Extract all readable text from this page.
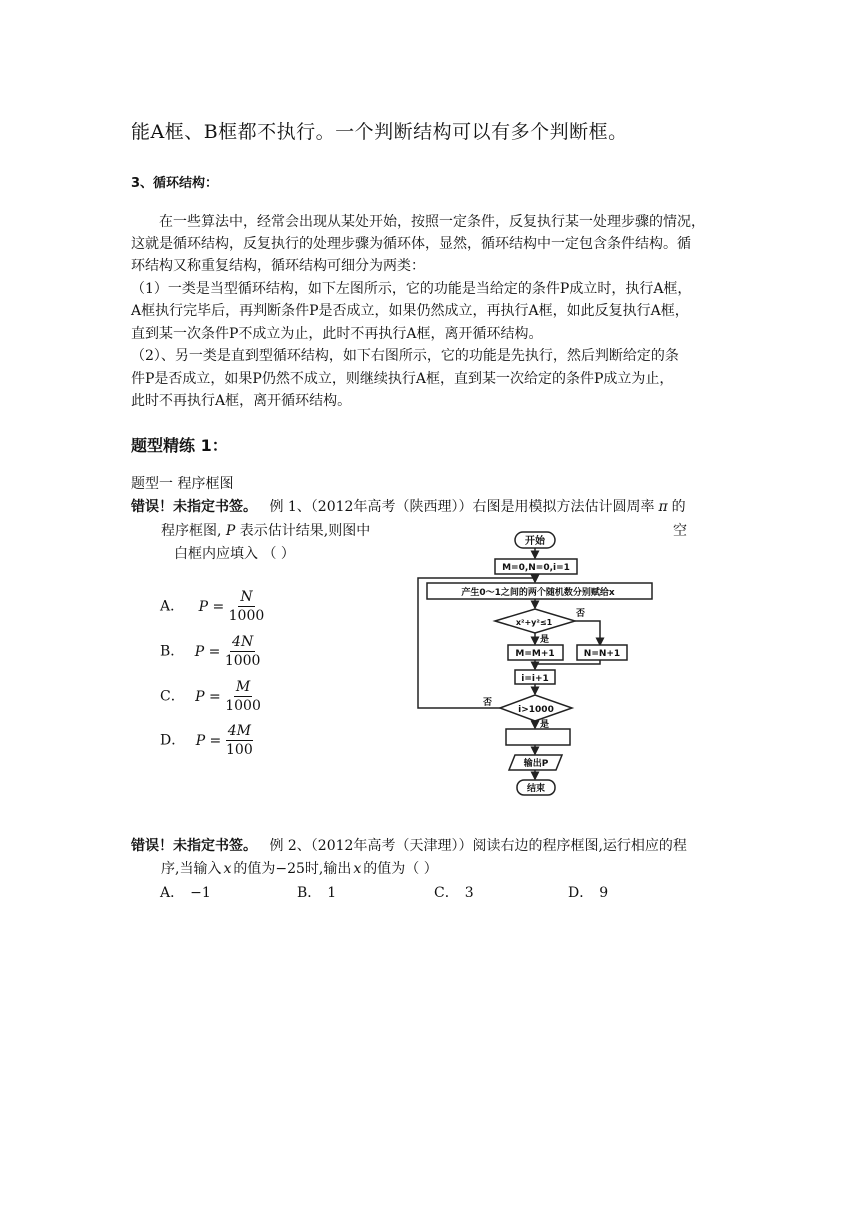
能A框、B框都不执行。一个判断结构可以有多个判断框。
3、循环结构：
在一些算法中，经常会出现从某处开始，按照一定条件，反复执行某一处理步骤的情况，
这就是循环结构，反复执行的处理步骤为循环体，显然，循环结构中一定包含条件结构。循
环结构又称重复结构，循环结构可细分为两类：
（1）一类是当型循环结构，如下左图所示，它的功能是当给定的条件P成立时，执行A框，
A框执行完毕后，再判断条件P是否成立，如果仍然成立，再执行A框，如此反复执行A框，
直到某一次条件P不成立为止，此时不再执行A框，离开循环结构。
（2）、另一类是直到型循环结构，如下右图所示，它的功能是先执行，然后判断给定的条
件P是否成立，如果P仍然不成立，则继续执行A框，直到某一次给定的条件P成立为止，
此时不再执行A框，离开循环结构。
题型精练 1：
题型一 程序框图
错误！未指定书签。 例 1、（2012年高考（陕西理））右图是用模拟方法估计圆周率 π 的
程序框图, P 表示估计结果,则图中	空
白框内应填入 （ ）
A． $P = \frac{N}{1000}$
B． $P = \frac{4N}{1000}$
C． $P = \frac{M}{1000}$
D． $P = \frac{4M}{100}$
开始
M=0,N=0,i=1
产生0～1之间的两个随机数分别赋给x
x²+y²≤1
是
否
M=M+1	N=N+1
i=i+1
i>1000
否
是
输出P
结束
错误！未指定书签。 例 2、（2012年高考（天津理））阅读右边的程序框图,运行相应的程
序,当输入 x 的值为−25时,输出 x 的值为（ ）
A． −1	B． 1	C． 3	D． 9
